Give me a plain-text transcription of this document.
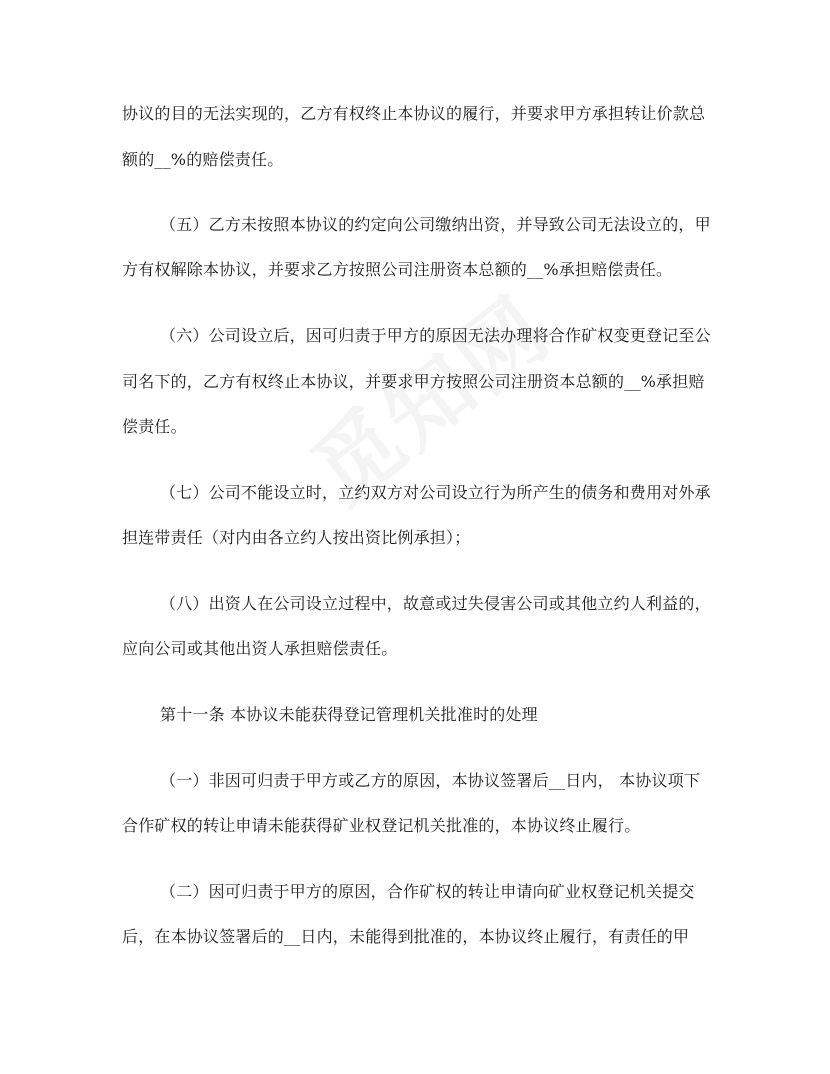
协议的目的无法实现的，乙方有权终止本协议的履行，并要求甲方承担转让价款总
额的__%的赔偿责任。
（五）乙方未按照本协议的约定向公司缴纳出资，并导致公司无法设立的，甲
方有权解除本协议，并要求乙方按照公司注册资本总额的__%承担赔偿责任。
（六）公司设立后，因可归责于甲方的原因无法办理将合作矿权变更登记至公
司名下的，乙方有权终止本协议，并要求甲方按照公司注册资本总额的__%承担赔
偿责任。
（七）公司不能设立时，立约双方对公司设立行为所产生的债务和费用对外承
担连带责任（对内由各立约人按出资比例承担）；
（八）出资人在公司设立过程中，故意或过失侵害公司或其他立约人利益的，
应向公司或其他出资人承担赔偿责任。
第十一条 本协议未能获得登记管理机关批准时的处理
（一）非因可归责于甲方或乙方的原因，本协议签署后__日内， 本协议项下
合作矿权的转让申请未能获得矿业权登记机关批准的，本协议终止履行。
（二）因可归责于甲方的原因，合作矿权的转让申请向矿业权登记机关提交
后，在本协议签署后的__日内，未能得到批准的，本协议终止履行，有责任的甲
